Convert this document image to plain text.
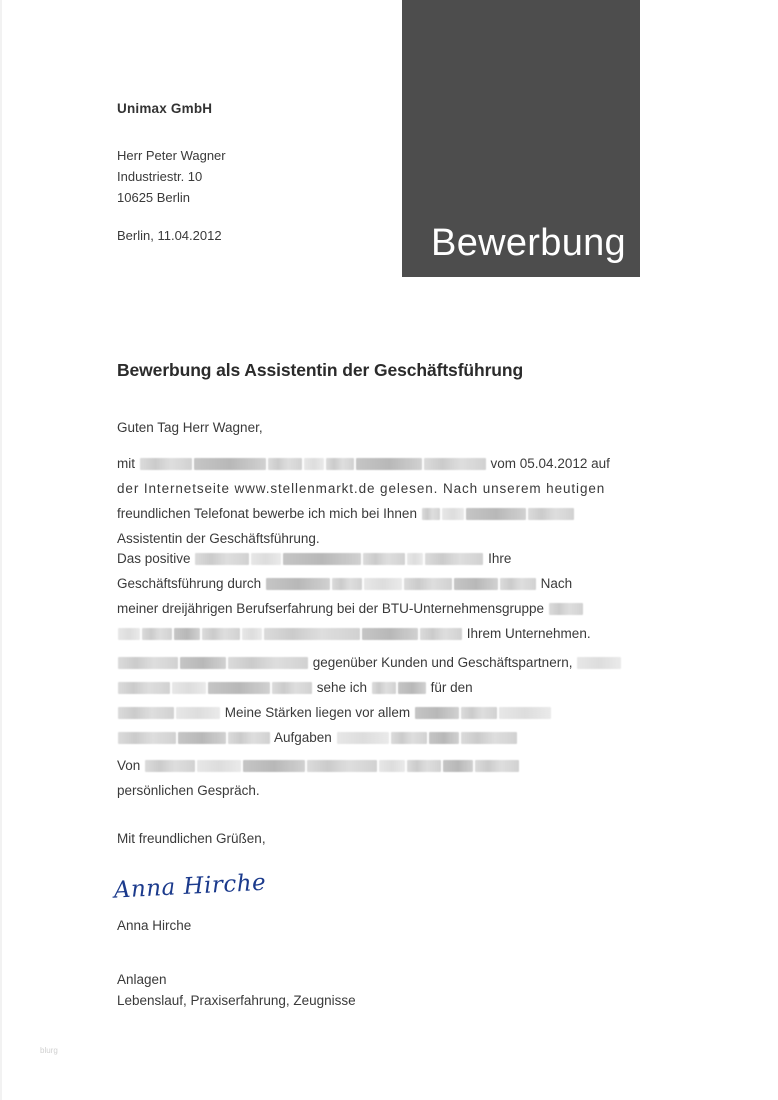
Bewerbung
Unimax GmbH
Herr Peter Wagner
Industriestr. 10
10625 Berlin
Berlin, 11.04.2012
Bewerbung als Assistentin der Geschäftsführung
Guten Tag Herr Wagner,
mit	vom 05.04.2012 auf
der Internetseite www.stellenmarkt.de gelesen. Nach unserem heutigen
freundlichen Telefonat bewerbe ich mich bei Ihnen
Assistentin der Geschäftsführung.
Das positive	Ihre
Geschäftsführung durch	Nach
meiner dreijährigen Berufserfahrung bei der BTU-Unternehmensgruppe
Ihrem Unternehmen.
gegenüber Kunden und Geschäftspartnern,
sehe ich	für den
Meine Stärken liegen vor allem
Aufgaben
Von
persönlichen Gespräch.
Mit freundlichen Grüßen,
Anna Hirche
Anna Hirche
Anlagen
Lebenslauf, Praxiserfahrung, Zeugnisse
blurg
